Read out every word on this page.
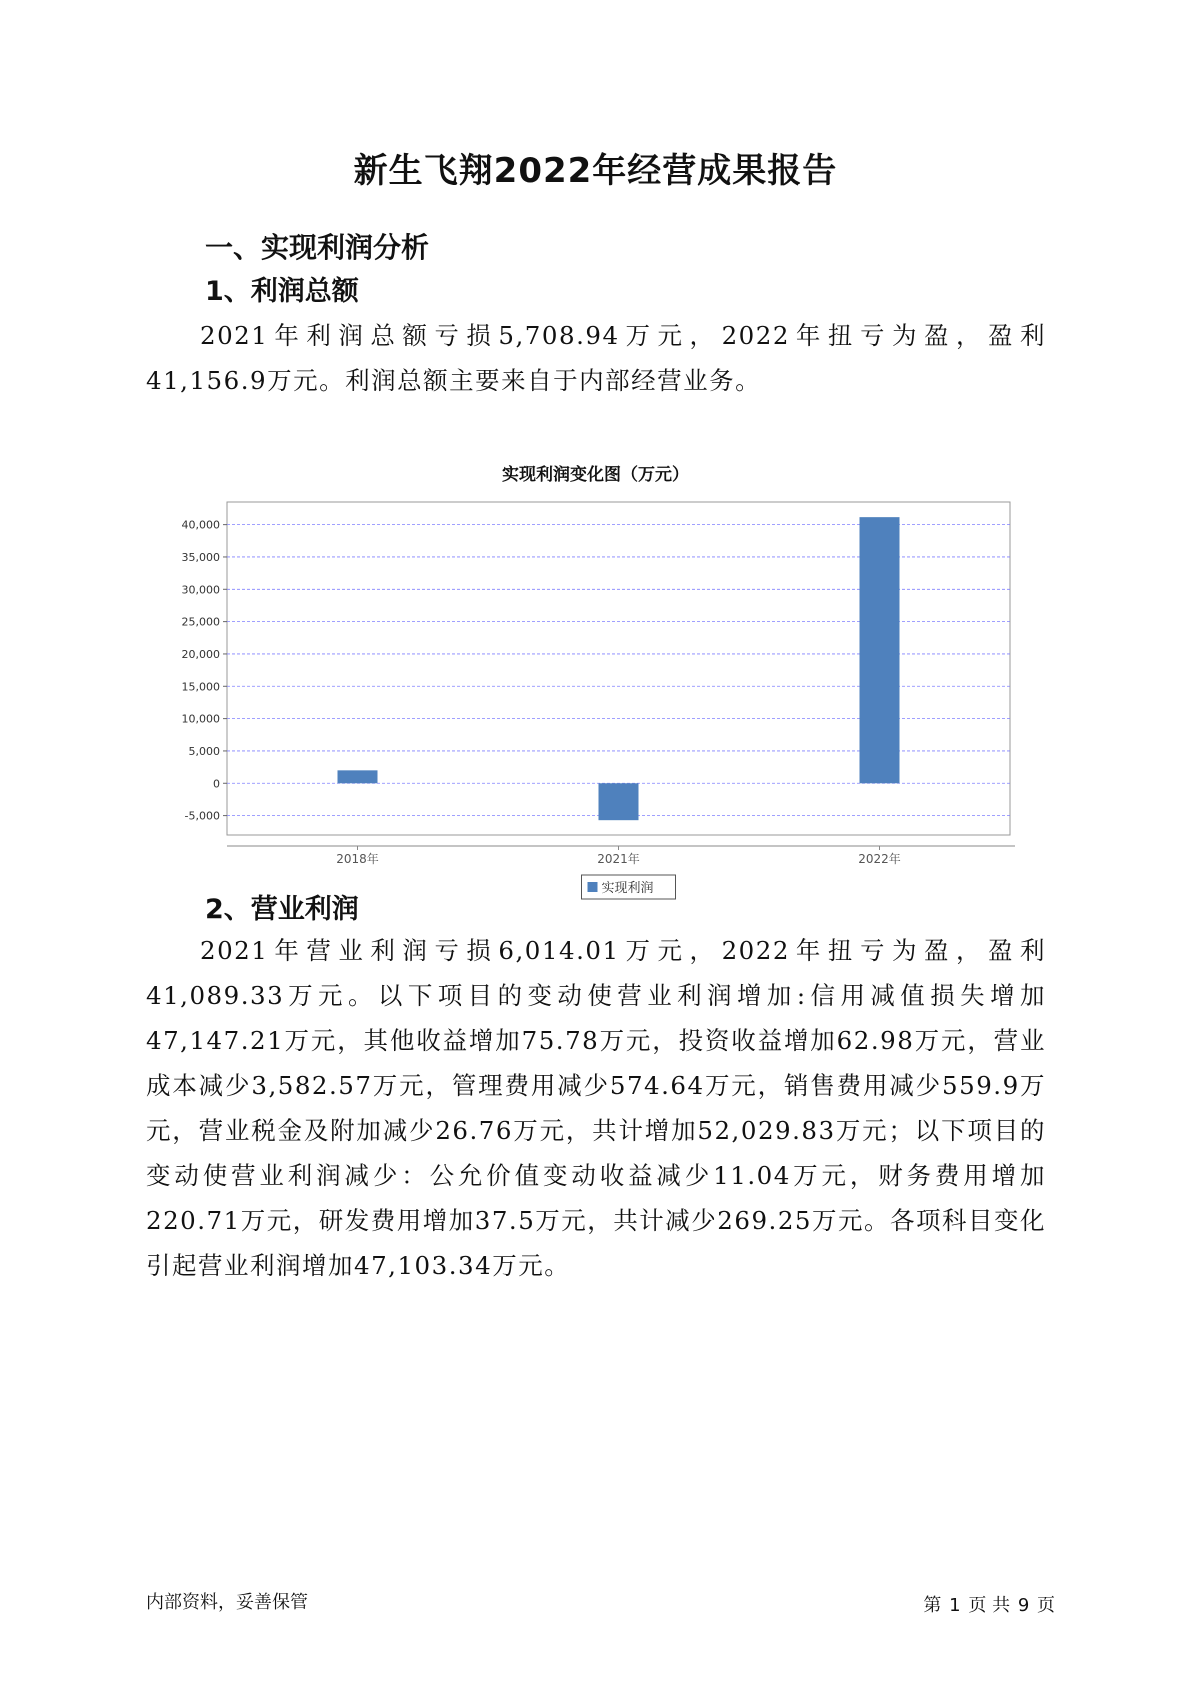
新生飞翔2022年经营成果报告
一、实现利润分析
1、利润总额

2021年利润总额亏损5,708.94万元，2022年扭亏为盈，盈利41,156.9万元。利润总额主要来自于内部经营业务。

实现利润变化图（万元）
-5,000
0
5,000
10,000
15,000
20,000
25,000
30,000
35,000
40,000
2018年	2021年	2022年
实现利润
2、营业利润

2021年营业利润亏损6,014.01万元，2022年扭亏为盈，盈利41,089.33万元。以下项目的变动使营业利润增加:信用减值损失增加47,147.21万元，其他收益增加75.78万元，投资收益增加62.98万元，营业成本减少3,582.57万元，管理费用减少574.64万元，销售费用减少559.9万元，营业税金及附加减少26.76万元，共计增加52,029.83万元；以下项目的变动使营业利润减少：公允价值变动收益减少11.04万元，财务费用增加220.71万元，研发费用增加37.5万元，共计减少269.25万元。各项科目变化引起营业利润增加47,103.34万元。

内部资料，妥善保管	第 1 页 共 9 页
